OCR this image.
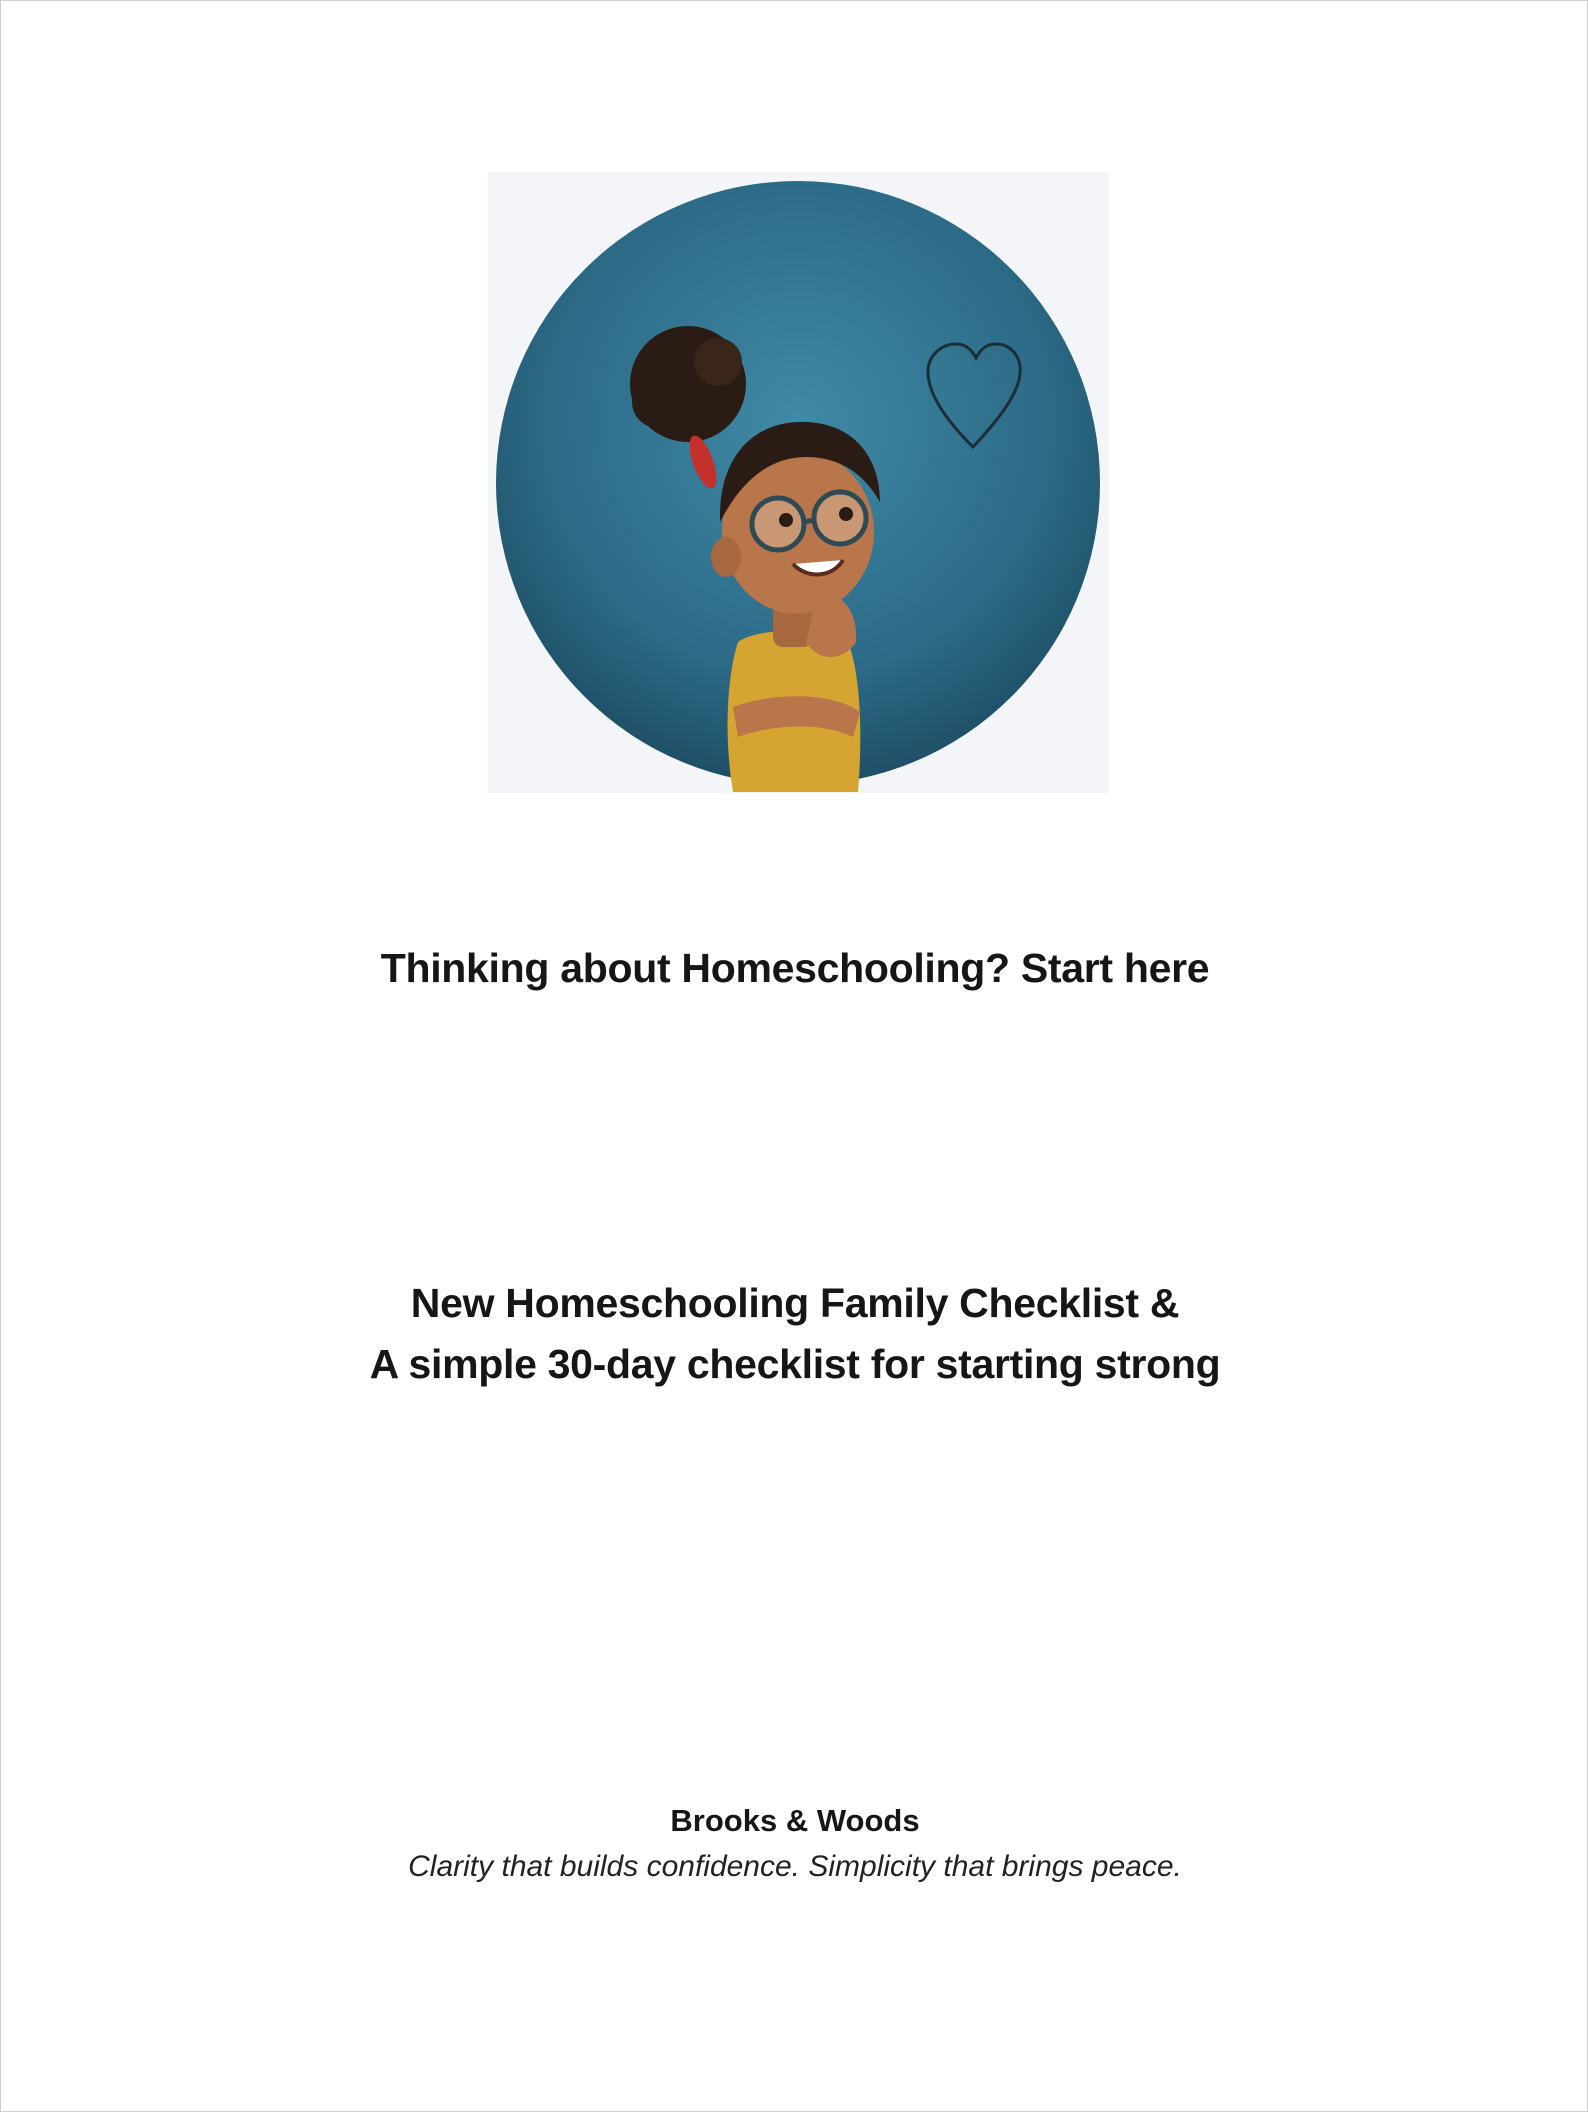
Thinking about Homeschooling? Start here
New Homeschooling Family Checklist &
A simple 30-day checklist for starting strong
Brooks & Woods
Clarity that builds confidence. Simplicity that brings peace.
